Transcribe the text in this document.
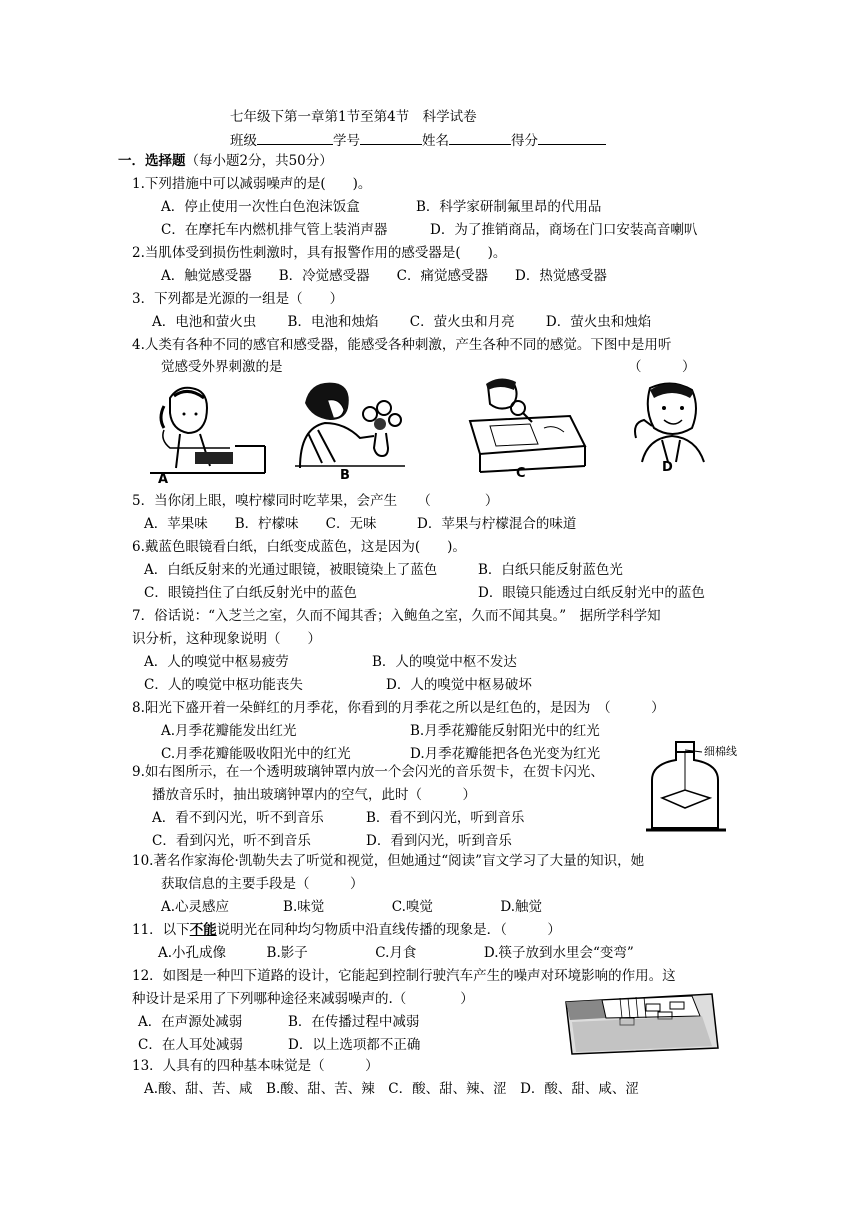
七年级下第一章第1节至第4节　科学试卷
班级	学号	姓名	得分
一．选择题（每小题2分，共50分）
1.下列措施中可以减弱噪声的是(　　)。
A．停止使用一次性白色泡沫饭盒	B．科学家研制氟里昂的代用品
C．在摩托车内燃机排气管上装消声器	D．为了推销商品，商场在门口安装高音喇叭
2.当肌体受到损伤性刺激时，具有报警作用的感受器是(　　)。
A．触觉感受器　　B．冷觉感受器　　C．痛觉感受器　　D．热觉感受器
3．下列都是光源的一组是（　　）
A．电池和萤火虫　　 B．电池和烛焰　　 C．萤火虫和月亮　　 D．萤火虫和烛焰
4.人类有各种不同的感官和感受器，能感受各种刺激，产生各种不同的感觉。下图中是用听
觉感受外界刺激的是	（　　　）
A	B	C	D
5．当你闭上眼，嗅柠檬同时吃苹果，会产生　　（　　　　）
A．苹果味　　B．柠檬味　　C．无味　　　D．苹果与柠檬混合的味道
6.戴蓝色眼镜看白纸，白纸变成蓝色，这是因为(　　)。
A．白纸反射来的光通过眼镜，被眼镜染上了蓝色	B．白纸只能反射蓝色光
C．眼镜挡住了白纸反射光中的蓝色	D．眼镜只能透过白纸反射光中的蓝色
7．俗话说：“入芝兰之室，久而不闻其香；入鲍鱼之室，久而不闻其臭。”　据所学科学知
识分析，这种现象说明（　　）
A．人的嗅觉中枢易疲劳	B．人的嗅觉中枢不发达
C．人的嗅觉中枢功能丧失	D．人的嗅觉中枢易破坏
8.阳光下盛开着一朵鲜红的月季花，你看到的月季花之所以是红色的，是因为　（　　　）
A.月季花瓣能发出红光	B.月季花瓣能反射阳光中的红光
C.月季花瓣能吸收阳光中的红光	D.月季花瓣能把各色光变为红光	细棉线
9.如右图所示，在一个透明玻璃钟罩内放一个会闪光的音乐贺卡，在贺卡闪光、
播放音乐时，抽出玻璃钟罩内的空气，此时（　　　）
A．看不到闪光，听不到音乐	B．看不到闪光，听到音乐
C．看到闪光，听不到音乐	D．看到闪光，听到音乐
10.著名作家海伦·凯勒失去了听觉和视觉，但她通过“阅读”盲文学习了大量的知识，她
获取信息的主要手段是（　　　）
A.心灵感应　　　　B.味觉　　　　　C.嗅觉　　　　　D.触觉
11．以下不能说明光在同种均匀物质中沿直线传播的现象是．（　　　）
A.小孔成像　　　B.影子　　　　　C.月食　　　　　D.筷子放到水里会“变弯”
12．如图是一种凹下道路的设计，它能起到控制行驶汽车产生的噪声对环境影响的作用。这
种设计是采用了下列哪种途径来减弱噪声的.（　　　　）
A．在声源处减弱	B．在传播过程中减弱
C．在人耳处减弱	D．以上选项都不正确
13．人具有的四种基本味觉是（　　　）
A.酸、甜、苦、咸　B.酸、甜、苦、辣　C．酸、甜、辣、涩　D．酸、甜、咸、涩
